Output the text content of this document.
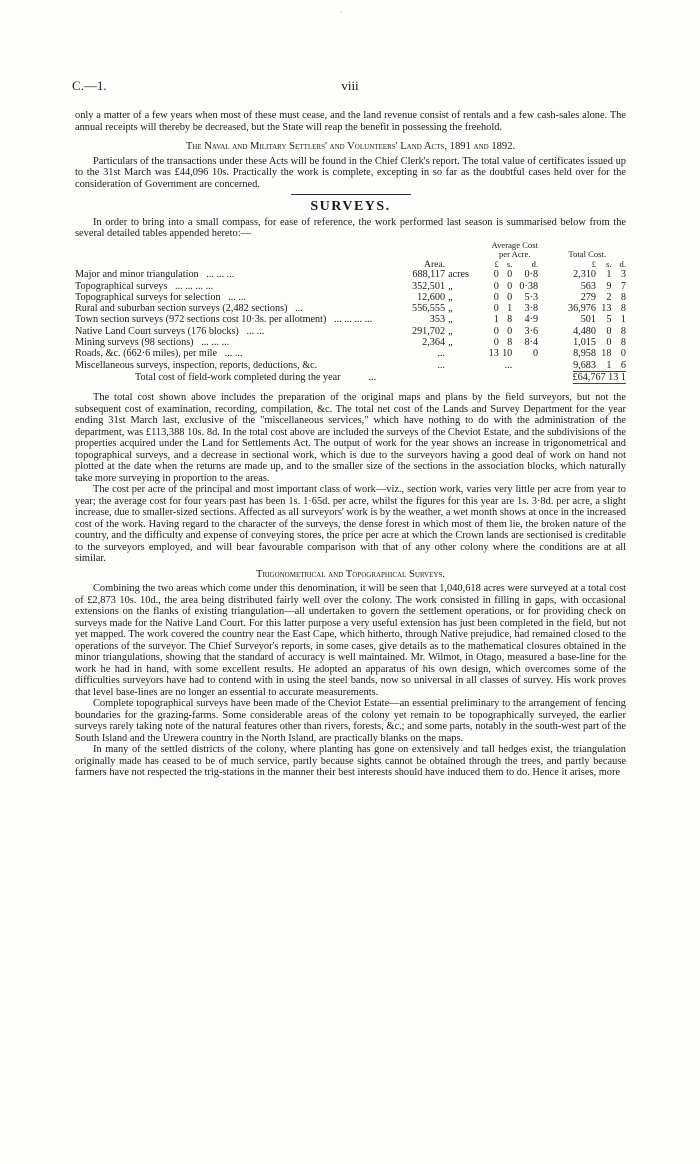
·
C.—1.	viii

only a matter of a few years when most of these must cease, and the land revenue consist of rentals and a few cash-sales alone. The annual receipts will thereby be decreased, but the State will reap the benefit in possessing the freehold.

The Naval and Military Settlers' and Volunteers' Land Acts, 1891 and 1892.

Particulars of the transactions under these Acts will be found in the Chief Clerk's report. The total value of certificates issued up to the 31st March was £44,096 10s. Practically the work is complete, excepting in so far as the doubtful cases held over for the consideration of Government are concerned.

SURVEYS.

In order to bring into a small compass, for ease of reference, the work performed last season is summarised below from the several detailed tables appended hereto:—

			Average Cost per Acre.				Total Cost.		
	Area.		£	s.	d.		£	s.	d.
Major and minor triangulation ... ... ...	688,117	acres	0	0	0·8		2,310	1	3
Topographical surveys ... ... ... ...	352,501	„	0	0	0·38		563	9	7
Topographical surveys for selection ... ...	12,600	„	0	0	5·3		279	2	8
Rural and suburban section surveys (2,482 sections) ...	556,555	„	0	1	3·8		36,976	13	8
Town section surveys (972 sections cost 10·3s. per allotment) ... ... ... ...	353	„	1	8	4·9		501	5	1
Native Land Court surveys (176 blocks) ... ...	291,702	„	0	0	3·6		4,480	0	8
Mining surveys (98 sections) ... ... ...	2,364	„	0	8	8·4		1,015	0	8
Roads, &c. (662·6 miles), per mile ... ...	...		13	10	0		8,958	18	0
Miscellaneous surveys, inspection, reports, deductions, &c.	...			...			9,683	1	6
Total cost of field-work completed during the year	...	£64,767 13 1

The total cost shown above includes the preparation of the original maps and plans by the field surveyors, but not the subsequent cost of examination, recording, compilation, &c. The total net cost of the Lands and Survey Department for the year ending 31st March last, exclusive of the "miscellaneous services," which have nothing to do with the administration of the department, was £113,388 10s. 8d. In the total cost above are included the surveys of the Cheviot Estate, and the subdivisions of the properties acquired under the Land for Settlements Act. The output of work for the year shows an increase in trigonometrical and topographical surveys, and a decrease in sectional work, which is due to the surveyors having a good deal of work on hand not plotted at the date when the returns are made up, and to the smaller size of the sections in the association blocks, which naturally take more surveying in proportion to the areas.

The cost per acre of the principal and most important class of work—viz., section work, varies very little per acre from year to year; the average cost for four years past has been 1s. 1·65d. per acre, whilst the figures for this year are 1s. 3·8d. per acre, a slight increase, due to smaller-sized sections. Affected as all surveyors' work is by the weather, a wet month shows at once in the increased cost of the work. Having regard to the character of the surveys, the dense forest in which most of them lie, the broken nature of the country, and the difficulty and expense of conveying stores, the price per acre at which the Crown lands are sectionised is creditable to the surveyors employed, and will bear favourable comparison with that of any other colony where the conditions are at all similar.

Trigonometrical and Topographical Surveys.

Combining the two areas which come under this denomination, it will be seen that 1,040,618 acres were surveyed at a total cost of £2,873 10s. 10d., the area being distributed fairly well over the colony. The work consisted in filling in gaps, with occasional extensions on the flanks of existing triangulation—all undertaken to govern the settlement operations, or for providing check on surveys made for the Native Land Court. For this latter purpose a very useful extension has just been completed in the field, but not yet mapped. The work covered the country near the East Cape, which hitherto, through Native prejudice, had remained closed to the operations of the surveyor. The Chief Surveyor's reports, in some cases, give details as to the mathematical closures obtained in the minor triangulations, showing that the standard of accuracy is well maintained. Mr. Wilmot, in Otago, measured a base-line for the work he had in hand, with some excellent results. He adopted an apparatus of his own design, which overcomes some of the difficulties surveyors have had to contend with in using the steel bands, now so universal in all classes of survey. His work proves that level base-lines are no longer an essential to accurate measurements.

Complete topographical surveys have been made of the Cheviot Estate—an essential preliminary to the arrangement of fencing boundaries for the grazing-farms. Some considerable areas of the colony yet remain to be topographically surveyed, the earlier surveys rarely taking note of the natural features other than rivers, forests, &c.; and some parts, notably in the south-west part of the South Island and the Urewera country in the North Island, are practically blanks on the maps.

In many of the settled districts of the colony, where planting has gone on extensively and tall hedges exist, the triangulation originally made has ceased to be of much service, partly because sights cannot be obtained through the trees, and partly because farmers have not respected the trig-stations in the manner their best interests should have induced them to do. Hence it arises, more
